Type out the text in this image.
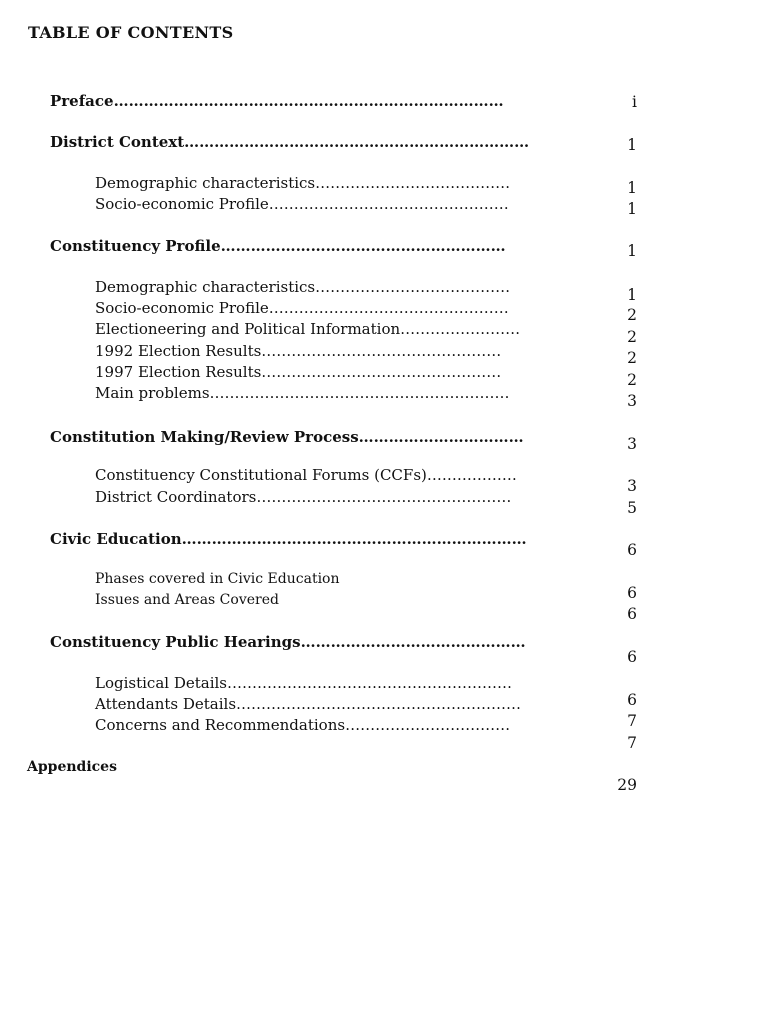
TABLE OF CONTENTS
Preface……………………………………………………………………
District Context……………………………………………………………
Demographic characteristics…………………………………
Socio-economic Profile…………………………………………
Constituency Profile…………………………………………………
Demographic characteristics…………………………………
Socio-economic Profile…………………………………………
Electioneering and Political Information……………………
1992 Election Results…………………………………………
1997 Election Results…………………………………………
Main problems……………………………………………………
Constitution Making/Review Process……………………………
Constituency Constitutional Forums (CCFs)………………
District Coordinators……………………………………………
Civic Education……………………………………………………………
Phases covered in Civic Education
Issues and Areas Covered
Constituency Public Hearings………………………………………
Logistical Details…………………………………………………
Attendants Details…………………………………………………
Concerns and Recommendations……………………………
Appendices
i
1
1
1
1
1
2
2
2
2
3
3
3
5
6
6
6
6
6
7
7
29
